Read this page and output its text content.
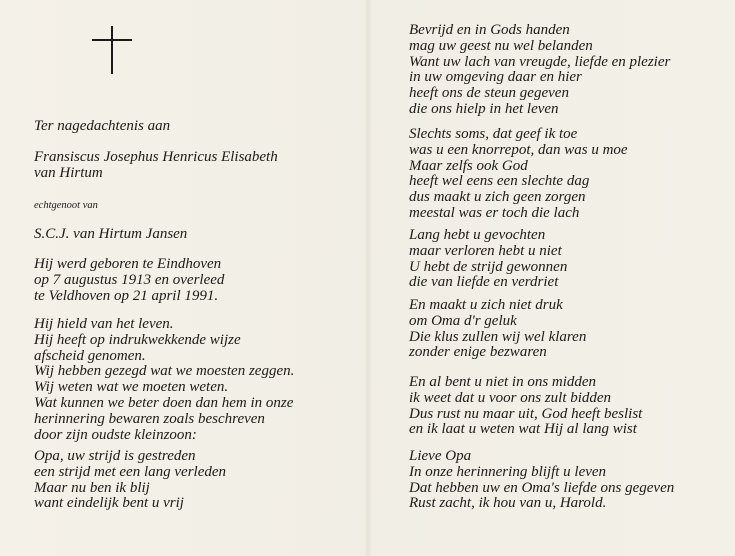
Ter nagedachtenis aan
Fransiscus Josephus Henricus Elisabeth
van Hirtum
echtgenoot van
S.C.J. van Hirtum Jansen
Hij werd geboren te Eindhoven
op 7 augustus 1913 en overleed
te Veldhoven op 21 april 1991.
Hij hield van het leven.
Hij heeft op indrukwekkende wijze
afscheid genomen.
Wij hebben gezegd wat we moesten zeggen.
Wij weten wat we moeten weten.
Wat kunnen we beter doen dan hem in onze
herinnering bewaren zoals beschreven
door zijn oudste kleinzoon:
Opa, uw strijd is gestreden
een strijd met een lang verleden
Maar nu ben ik blij
want eindelijk bent u vrij
Bevrijd en in Gods handen
mag uw geest nu wel belanden
Want uw lach van vreugde, liefde en plezier
in uw omgeving daar en hier
heeft ons de steun gegeven
die ons hielp in het leven
Slechts soms, dat geef ik toe
was u een knorrepot, dan was u moe
Maar zelfs ook God
heeft wel eens een slechte dag
dus maakt u zich geen zorgen
meestal was er toch die lach
Lang hebt u gevochten
maar verloren hebt u niet
U hebt de strijd gewonnen
die van liefde en verdriet
En maakt u zich niet druk
om Oma d'r geluk
Die klus zullen wij wel klaren
zonder enige bezwaren
En al bent u niet in ons midden
ik weet dat u voor ons zult bidden
Dus rust nu maar uit, God heeft beslist
en ik laat u weten wat Hij al lang wist
Lieve Opa
In onze herinnering blijft u leven
Dat hebben uw en Oma's liefde ons gegeven
Rust zacht, ik hou van u, Harold.
